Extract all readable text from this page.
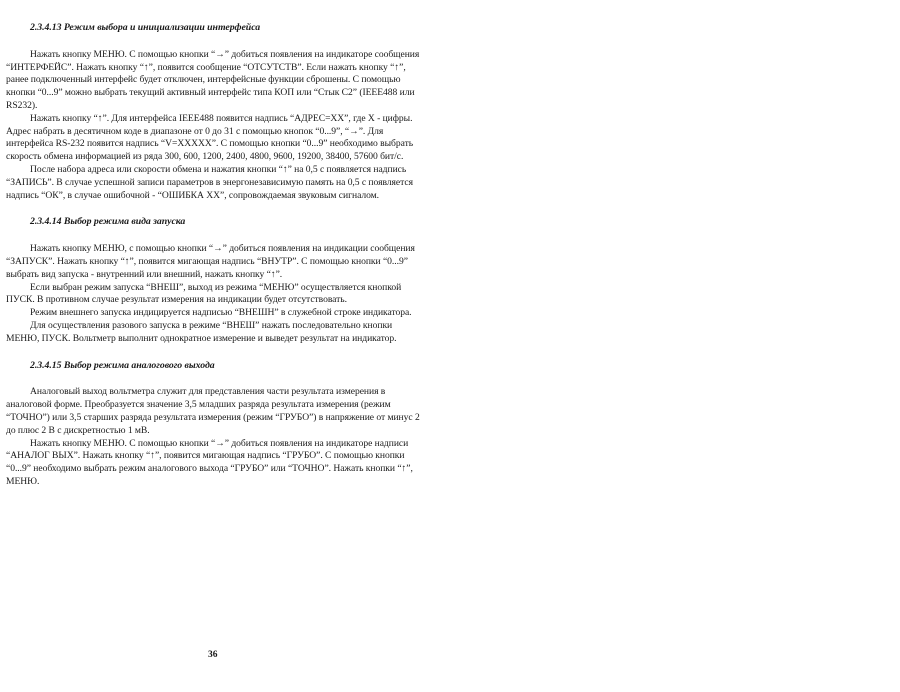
2.3.4.13 Режим выбора и инициализации интерфейса

Нажать кнопку МЕНЮ. С помощью кнопки “→” добиться появления на индикаторе сообщения “ИНТЕРФЕЙС”. Нажать кнопку “↑”, появится сообщение “ОТСУТСТВ”. Если нажать кнопку “↑”, ранее подключенный интерфейс будет отключен, интерфейсные функции сброшены. С помощью кнопки “0...9” можно выбрать текущий активный интерфейс типа КОП или “Стык С2” (IEEE488 или RS232).

Нажать кнопку “↑”. Для интерфейса IEEE488 появится надпись “АДРЕС=XX”, где X - цифры. Адрес набрать в десятичном коде в диапазоне от 0 до 31 с помощью кнопок “0...9”, “→”. Для интерфейса RS-232 появится надпись “V=XXXXX”. С помощью кнопки “0...9” необходимо выбрать скорость обмена информацией из ряда 300, 600, 1200, 2400, 4800, 9600, 19200, 38400, 57600 бит/с.

После набора адреса или скорости обмена и нажатия кнопки “↑” на 0,5 с появляется надпись “ЗАПИСЬ”. В случае успешной записи параметров в энергонезависимую память на 0,5 с появляется надпись “ОК”, в случае ошибочной - “ОШИБКА XX”, сопровождаемая звуковым сигналом.

2.3.4.14 Выбор режима вида запуска

Нажать кнопку МЕНЮ, с помощью кнопки “→” добиться появления на индикации сообщения “ЗАПУСК”. Нажать кнопку “↑”, появится мигающая надпись “ВНУТР”. С помощью кнопки “0...9” выбрать вид запуска - внутренний или внешний, нажать кнопку “↑”.

Если выбран режим запуска “ВНЕШ”, выход из режима “МЕНЮ” осуществляется кнопкой ПУСК. В противном случае результат измерения на индикации будет отсутствовать.

Режим внешнего запуска индицируется надписью “ВНЕШН” в служебной строке индикатора.

Для осуществления разового запуска в режиме “ВНЕШ” нажать последовательно кнопки МЕНЮ, ПУСК. Вольтметр выполнит однократное измерение и выведет результат на индикатор.

2.3.4.15 Выбор режима аналогового выхода

Аналоговый выход вольтметра служит для представления части результата измерения в аналоговой форме. Преобразуется значение 3,5 младших разряда результата измерения (режим “ТОЧНО”) или 3,5 старших разряда результата измерения (режим “ГРУБО”) в напряжение от минус 2 до плюс 2 В с дискретностью 1 мВ.

Нажать кнопку МЕНЮ. С помощью кнопки “→” добиться появления на индикаторе надписи “АНАЛОГ ВЫХ”. Нажать кнопку “↑”, появится мигающая надпись “ГРУБО”. С помощью кнопки “0...9” необходимо выбрать режим аналогового выхода “ГРУБО” или “ТОЧНО”. Нажать кнопки “↑”, МЕНЮ.

36
